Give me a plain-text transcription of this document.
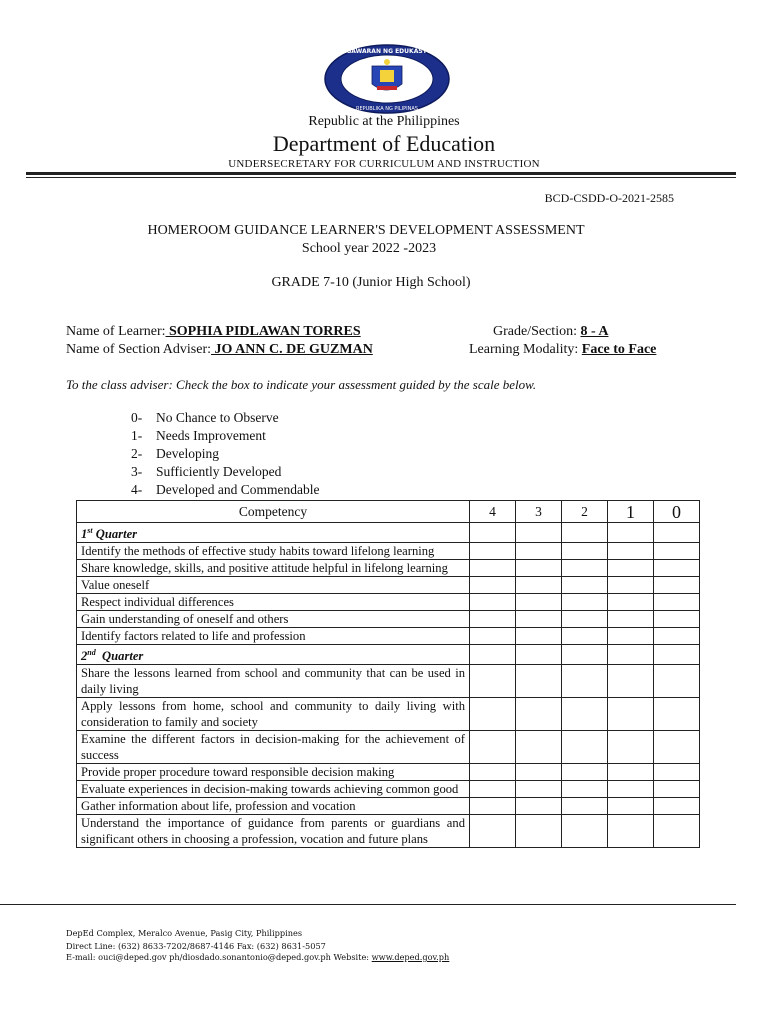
KAGAWARAN NG EDUKASYON
REPUBLIKA NG PILIPINAS
Republic at the Philippines
Department of Education
UNDERSECRETARY FOR CURRICULUM AND INSTRUCTION
BCD-CSDD-O-2021-2585
HOMEROOM GUIDANCE LEARNER'S DEVELOPMENT ASSESSMENT
School year 2022 -2023
GRADE 7-10 (Junior High School)
Name of Learner: SOPHIA PIDLAWAN TORRES	Grade/Section: 8 - A
Name of Section Adviser: JO ANN C. DE GUZMAN	Learning Modality: Face to Face
To the class adviser: Check the box to indicate your assessment guided by the scale below.
0- No Chance to Observe
1- Needs Improvement
2- Developing
3- Sufficiently Developed
4- Developed and Commendable
Competency	4	3	2	1	0
1st Quarter					
Identify the methods of effective study habits toward lifelong learning					
Share knowledge, skills, and positive attitude helpful in lifelong learning					
Value oneself					
Respect individual differences					
Gain understanding of oneself and others					
Identify factors related to life and profession					
2nd  Quarter					
Share the lessons learned from school and community that can be used in daily living					
Apply lessons from home, school and community to daily living with consideration to family and society					
Examine the different factors in decision-making for the achievement of success					
Provide proper procedure toward responsible decision making					
Evaluate experiences in decision-making towards achieving common good					
Gather information about life, profession and vocation					
Understand the importance of guidance from parents or guardians and significant others in choosing a profession, vocation and future plans					
DepEd Complex, Meralco Avenue, Pasig City, Philippines
Direct Line: (632) 8633-7202/8687-4146 Fax: (632) 8631-5057
E-mail: ouci@deped.gov ph/diosdado.sonantonio@deped.gov.ph Website: www.deped.gov.ph
